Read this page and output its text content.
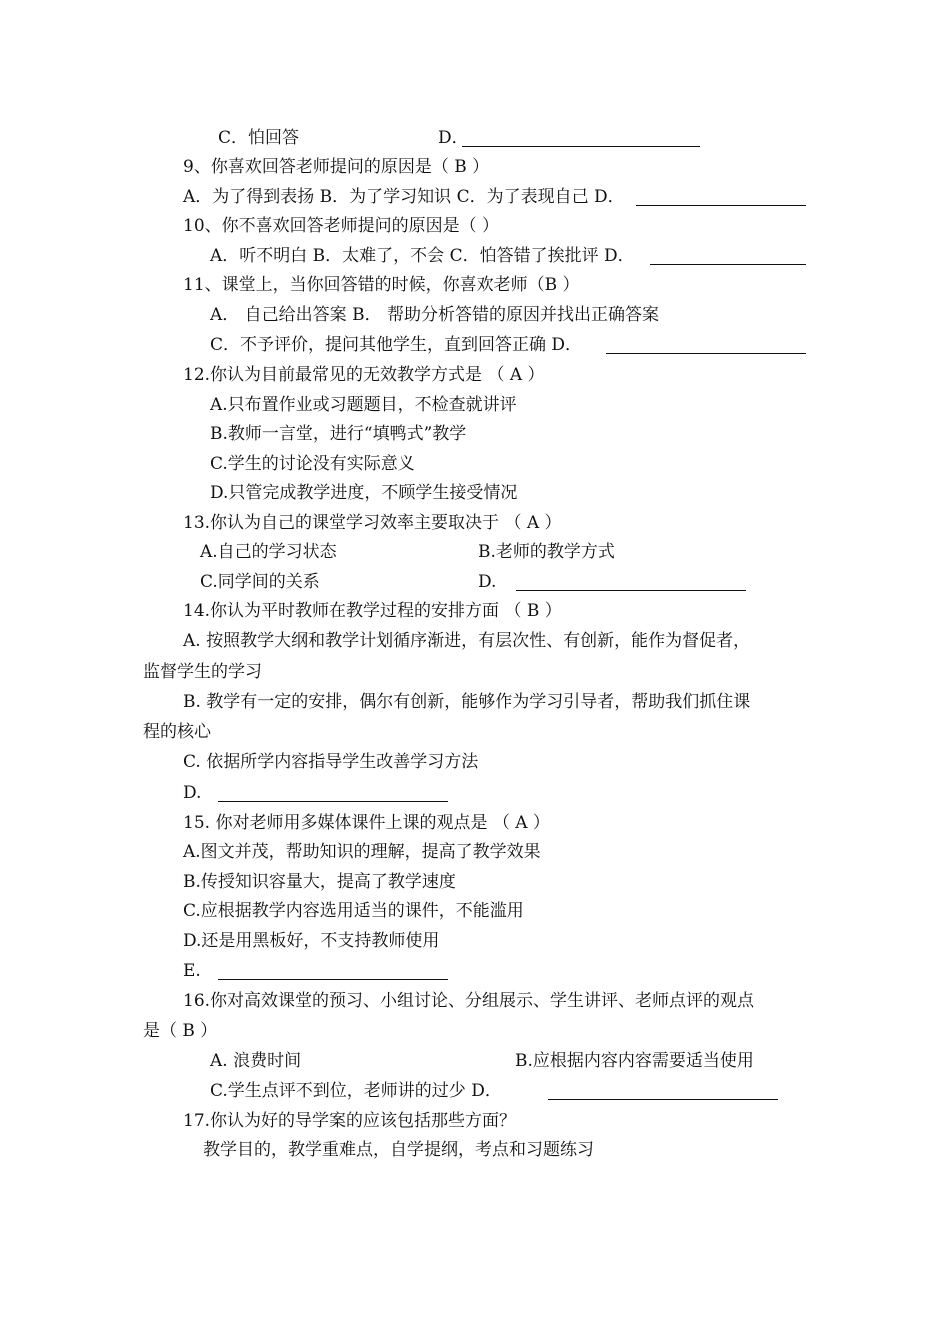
C．怕回答	D．
9、你喜欢回答老师提问的原因是（ B ）
A．为了得到表扬 B．为了学习知识 C．为了表现自己 D．
10、你不喜欢回答老师提问的原因是（ ）
A．听不明白 B．太难了，不会 C．怕答错了挨批评 D．
11、课堂上，当你回答错的时候，你喜欢老师（B ）
A． 自己给出答案 B． 帮助分析答错的原因并找出正确答案
C．不予评价，提问其他学生，直到回答正确 D．
12.你认为目前最常见的无效教学方式是 （ A ）
A.只布置作业或习题题目，不检查就讲评
B.教师一言堂，进行“填鸭式”教学
C.学生的讨论没有实际意义
D.只管完成教学进度，不顾学生接受情况
13.你认为自己的课堂学习效率主要取决于 （ A ）
A.自己的学习状态	B.老师的教学方式
C.同学间的关系	D.
14.你认为平时教师在教学过程的安排方面 （ B ）
A. 按照教学大纲和教学计划循序渐进，有层次性、有创新，能作为督促者，
监督学生的学习
B. 教学有一定的安排，偶尔有创新，能够作为学习引导者，帮助我们抓住课
程的核心
C. 依据所学内容指导学生改善学习方法
D.
15. 你对老师用多媒体课件上课的观点是 （ A ）
A.图文并茂，帮助知识的理解，提高了教学效果
B.传授知识容量大，提高了教学速度
C.应根据教学内容选用适当的课件，不能滥用
D.还是用黑板好，不支持教师使用
E.
16.你对高效课堂的预习、小组讨论、分组展示、学生讲评、老师点评的观点
是（ B ）
A. 浪费时间	B.应根据内容内容需要适当使用
C.学生点评不到位，老师讲的过少 D．
17.你认为好的导学案的应该包括那些方面？
教学目的，教学重难点，自学提纲，考点和习题练习
